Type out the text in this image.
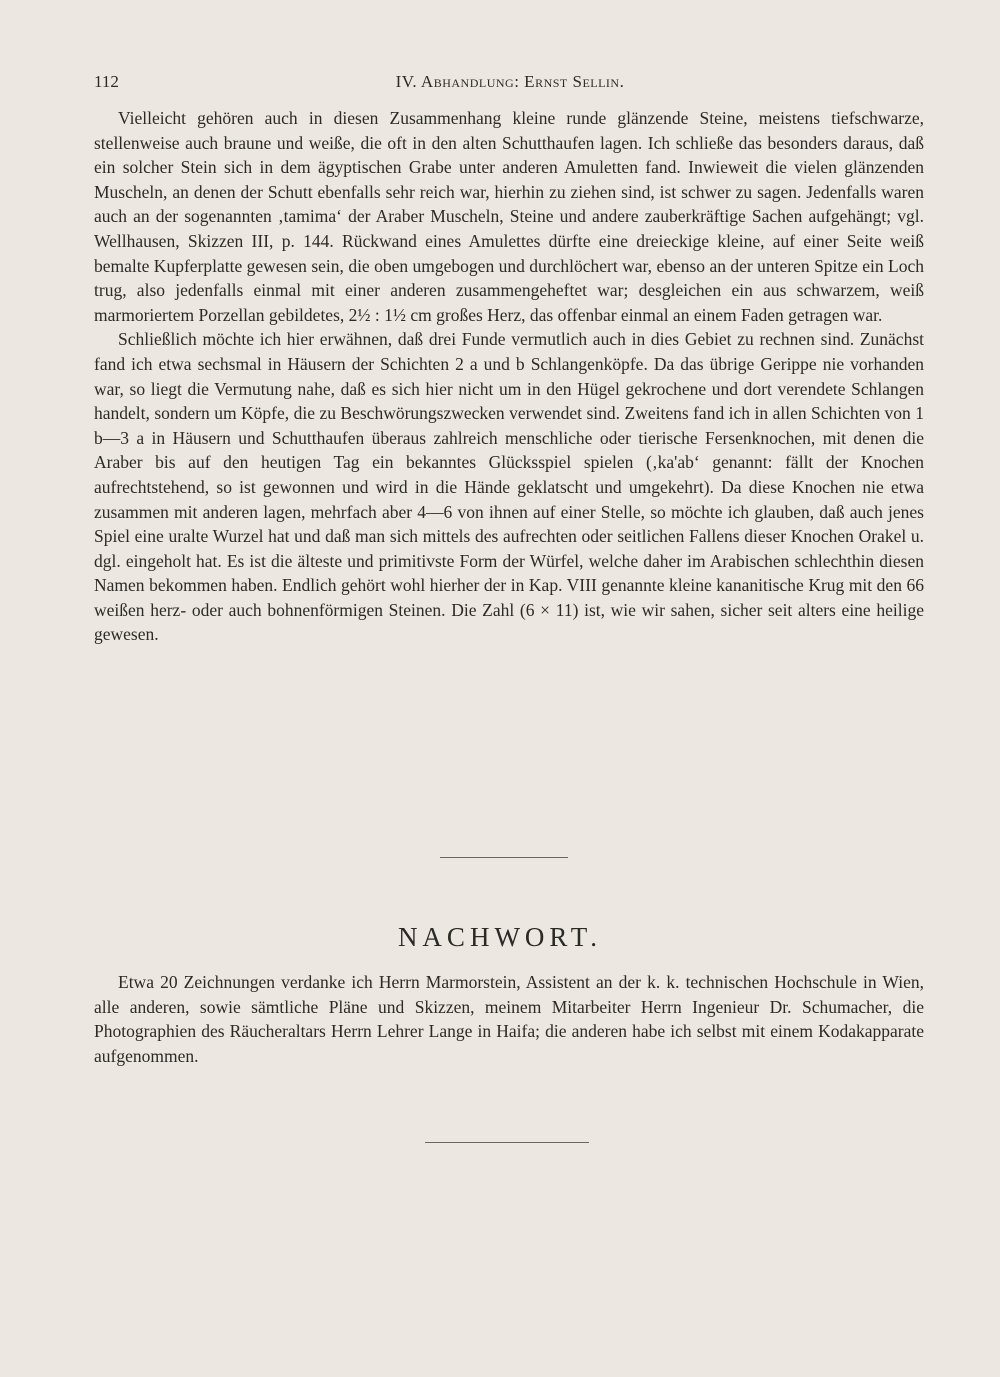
112	IV. Abhandlung: Ernst Sellin.

Vielleicht gehören auch in diesen Zusammenhang kleine runde glänzende Steine, meistens tiefschwarze, stellenweise auch braune und weiße, die oft in den alten Schutthaufen lagen. Ich schließe das besonders daraus, daß ein solcher Stein sich in dem ägyptischen Grabe unter anderen Amuletten fand. Inwieweit die vielen glänzenden Muscheln, an denen der Schutt ebenfalls sehr reich war, hierhin zu ziehen sind, ist schwer zu sagen. Jedenfalls waren auch an der sogenannten ‚tamima‘ der Araber Muscheln, Steine und andere zauberkräftige Sachen aufgehängt; vgl. Wellhausen, Skizzen III, p. 144. Rückwand eines Amulettes dürfte eine dreieckige kleine, auf einer Seite weiß bemalte Kupferplatte gewesen sein, die oben umgebogen und durchlöchert war, ebenso an der unteren Spitze ein Loch trug, also jedenfalls einmal mit einer anderen zusammengeheftet war; desgleichen ein aus schwarzem, weiß marmoriertem Porzellan gebildetes, 2½ : 1½ cm großes Herz, das offenbar einmal an einem Faden getragen war.

Schließlich möchte ich hier erwähnen, daß drei Funde vermutlich auch in dies Gebiet zu rechnen sind. Zunächst fand ich etwa sechsmal in Häusern der Schichten 2 a und b Schlangenköpfe. Da das übrige Gerippe nie vorhanden war, so liegt die Vermutung nahe, daß es sich hier nicht um in den Hügel gekrochene und dort verendete Schlangen handelt, sondern um Köpfe, die zu Beschwörungszwecken verwendet sind. Zweitens fand ich in allen Schichten von 1 b—3 a in Häusern und Schutthaufen überaus zahlreich menschliche oder tierische Fersenknochen, mit denen die Araber bis auf den heutigen Tag ein bekanntes Glücksspiel spielen (‚ka'ab‘ genannt: fällt der Knochen aufrechtstehend, so ist gewonnen und wird in die Hände geklatscht und umgekehrt). Da diese Knochen nie etwa zusammen mit anderen lagen, mehrfach aber 4—6 von ihnen auf einer Stelle, so möchte ich glauben, daß auch jenes Spiel eine uralte Wurzel hat und daß man sich mittels des aufrechten oder seitlichen Fallens dieser Knochen Orakel u. dgl. eingeholt hat. Es ist die älteste und primitivste Form der Würfel, welche daher im Arabischen schlechthin diesen Namen bekommen haben. Endlich gehört wohl hierher der in Kap. VIII genannte kleine kananitische Krug mit den 66 weißen herz- oder auch bohnenförmigen Steinen. Die Zahl (6 × 11) ist, wie wir sahen, sicher seit alters eine heilige gewesen.

NACHWORT.

Etwa 20 Zeichnungen verdanke ich Herrn Marmorstein, Assistent an der k. k. technischen Hochschule in Wien, alle anderen, sowie sämtliche Pläne und Skizzen, meinem Mitarbeiter Herrn Ingenieur Dr. Schumacher, die Photographien des Räucheraltars Herrn Lehrer Lange in Haifa; die anderen habe ich selbst mit einem Kodakapparate aufgenommen.
